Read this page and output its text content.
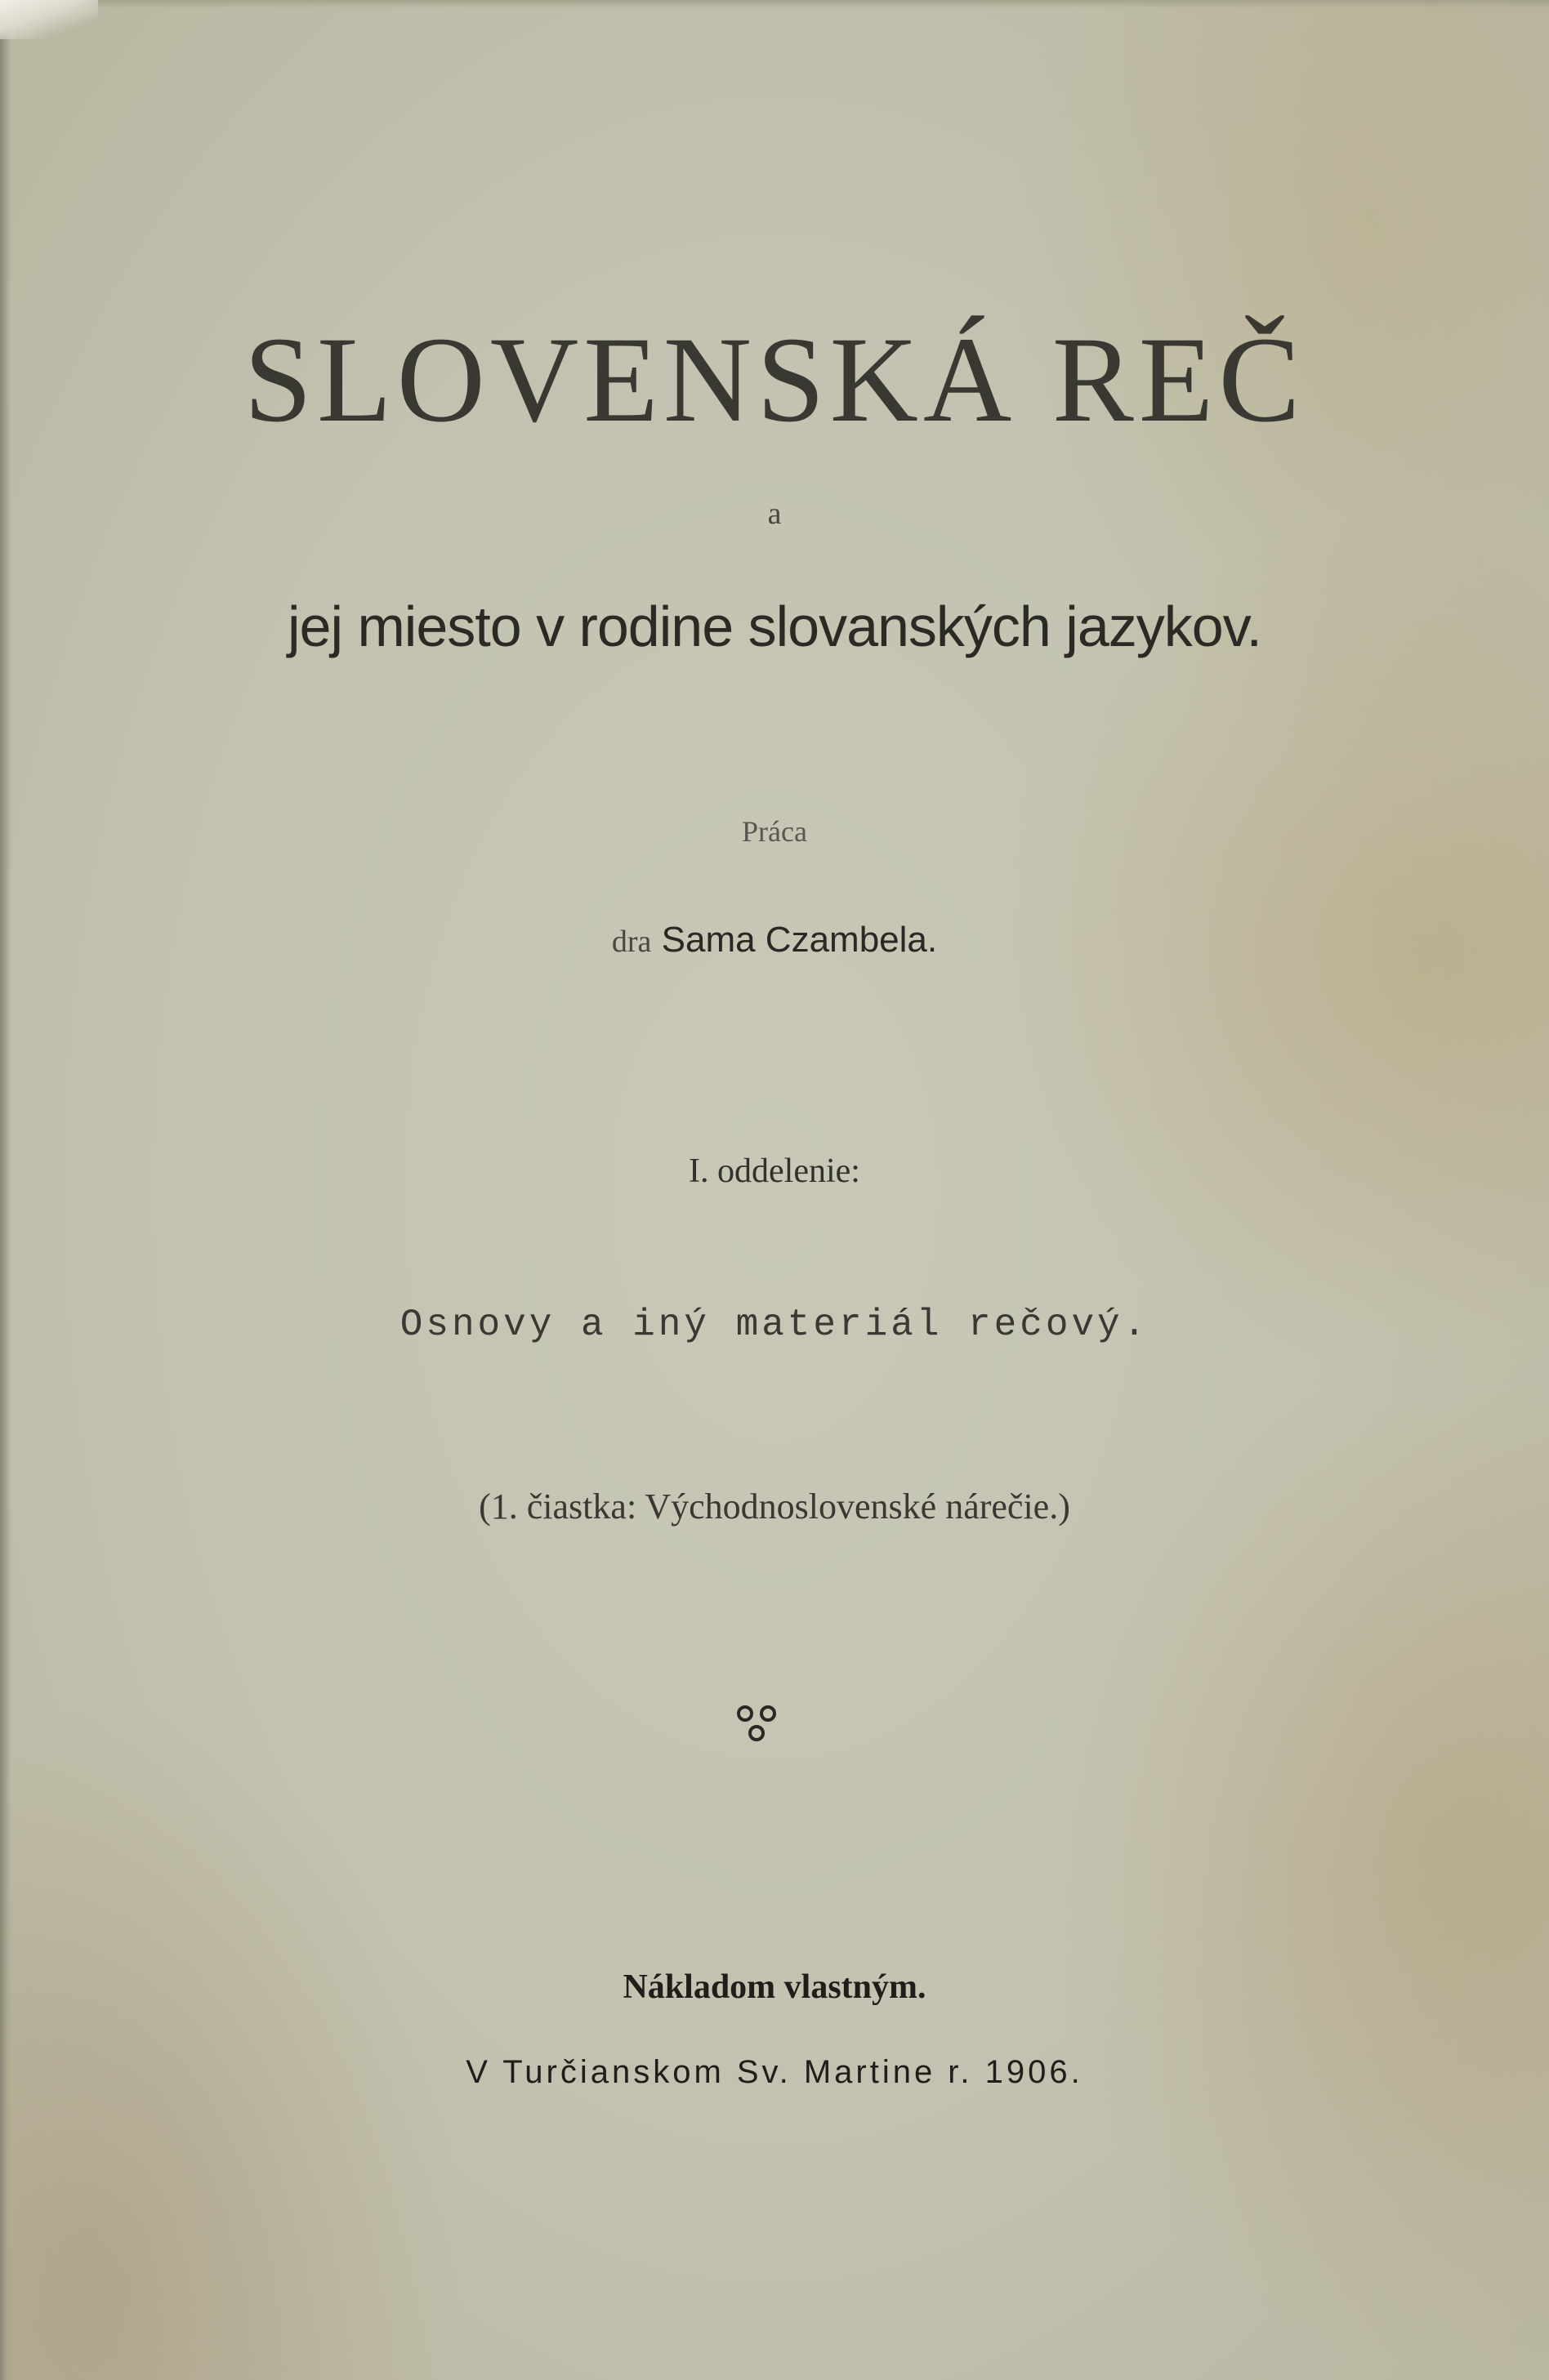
SLOVENSKÁ REČ
a
jej miesto v rodine slovanských jazykov.
Práca
dra Sama Czambela.
I. oddelenie:
Osnovy a iný materiál rečový.
(1. čiastka: Východnoslovenské nárečie.)
Nákladom vlastným.
V Turčianskom Sv. Martine r. 1906.
